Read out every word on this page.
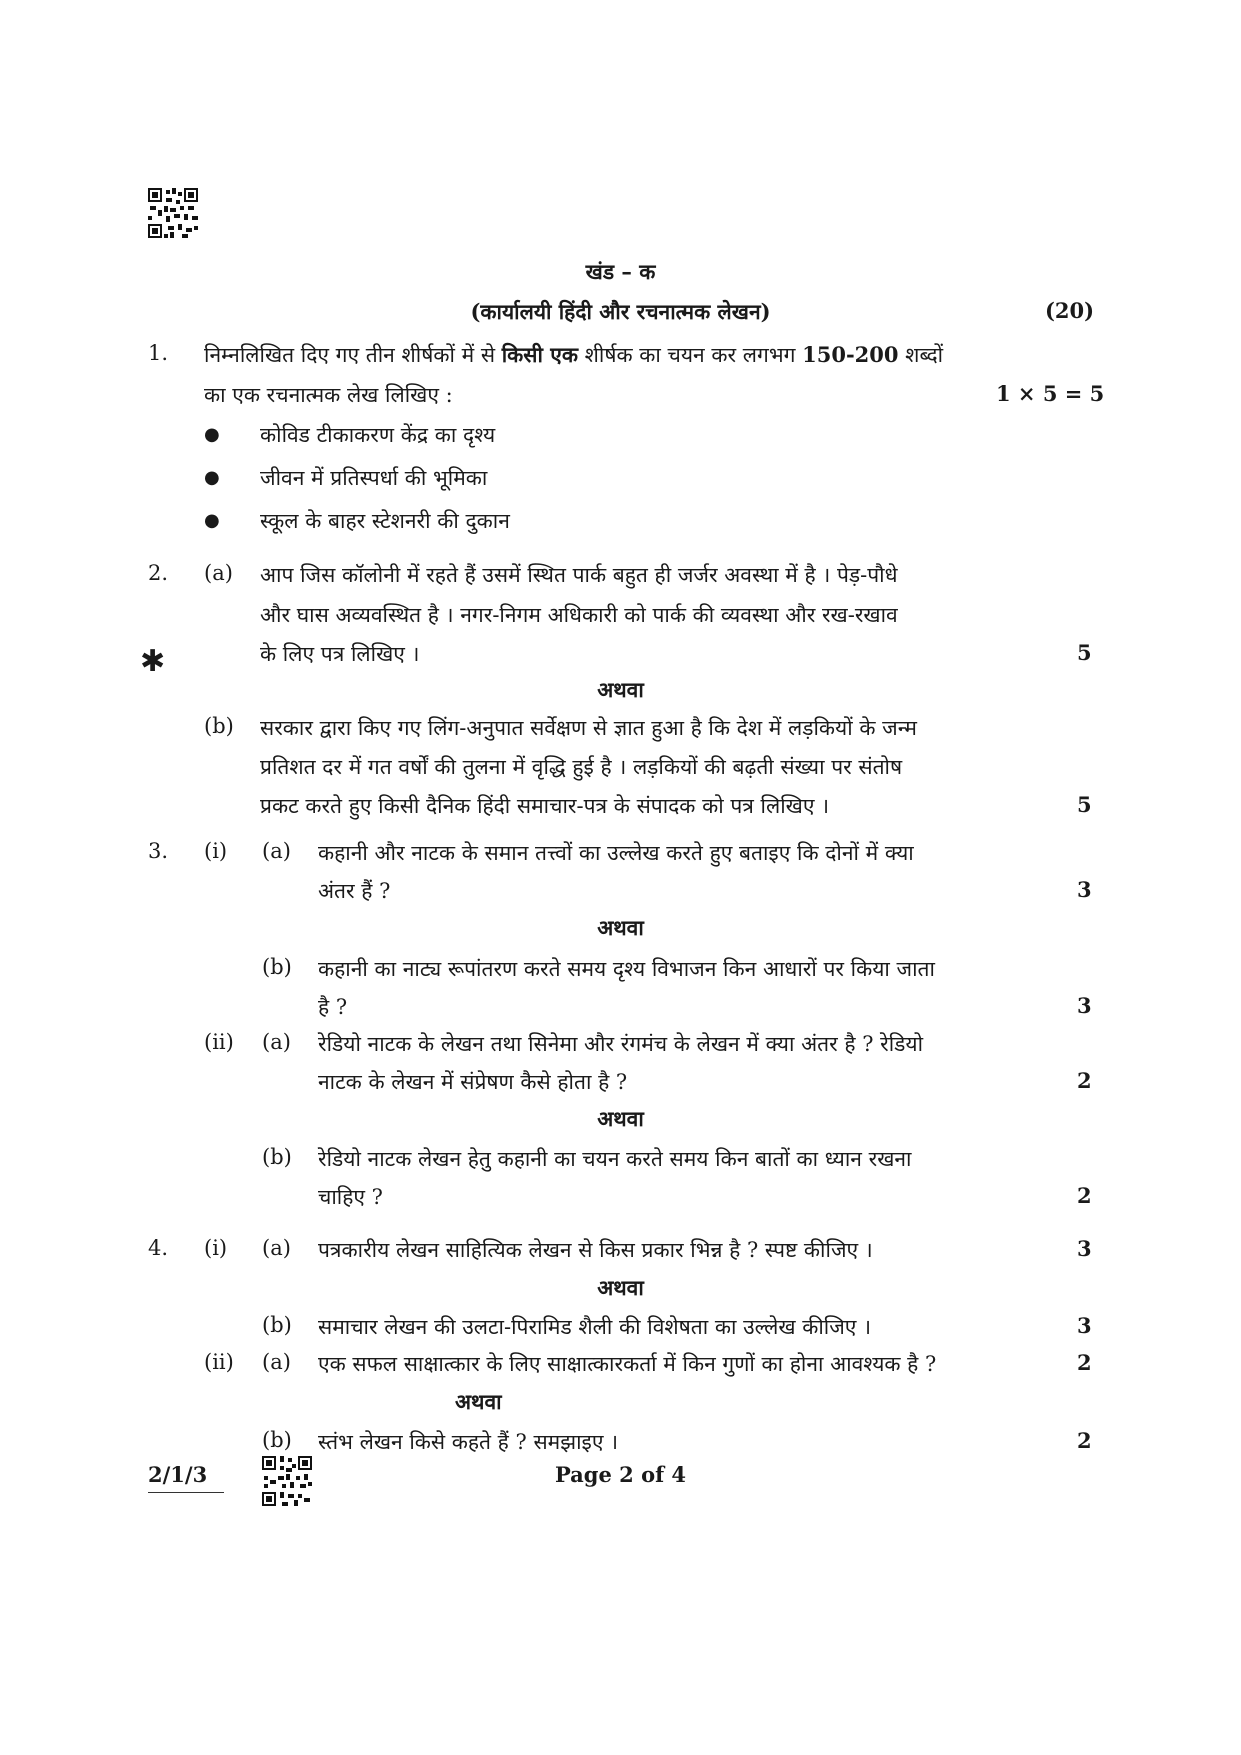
खंड – क
(कार्यालयी हिंदी और रचनात्मक लेखन)	(20)
1. निम्नलिखित दिए गए तीन शीर्षकों में से किसी एक शीर्षक का चयन कर लगभग 150-200 शब्दों
का एक रचनात्मक लेख लिखिए :	1 × 5 = 5
● कोविड टीकाकरण केंद्र का दृश्य
● जीवन में प्रतिस्पर्धा की भूमिका
● स्कूल के बाहर स्टेशनरी की दुकान
2. (a) आप जिस कॉलोनी में रहते हैं उसमें स्थित पार्क बहुत ही जर्जर अवस्था में है । पेड़-पौधे
और घास अव्यवस्थित है । नगर-निगम अधिकारी को पार्क की व्यवस्था और रख-रखाव
के लिए पत्र लिखिए ।	5
✱
अथवा
(b) सरकार द्वारा किए गए लिंग-अनुपात सर्वेक्षण से ज्ञात हुआ है कि देश में लड़कियों के जन्म
प्रतिशत दर में गत वर्षों की तुलना में वृद्धि हुई है । लड़कियों की बढ़ती संख्या पर संतोष
प्रकट करते हुए किसी दैनिक हिंदी समाचार-पत्र के संपादक को पत्र लिखिए ।	5
3. (i) (a) कहानी और नाटक के समान तत्त्वों का उल्लेख करते हुए बताइए कि दोनों में क्या
अंतर हैं ?	3
अथवा
(b) कहानी का नाट्य रूपांतरण करते समय दृश्य विभाजन किन आधारों पर किया जाता
है ?	3
(ii) (a) रेडियो नाटक के लेखन तथा सिनेमा और रंगमंच के लेखन में क्या अंतर है ? रेडियो
नाटक के लेखन में संप्रेषण कैसे होता है ?	2
अथवा
(b) रेडियो नाटक लेखन हेतु कहानी का चयन करते समय किन बातों का ध्यान रखना
चाहिए ?	2
4. (i) (a) पत्रकारीय लेखन साहित्यिक लेखन से किस प्रकार भिन्न है ? स्पष्ट कीजिए ।	3
अथवा
(b) समाचार लेखन की उलटा-पिरामिड शैली की विशेषता का उल्लेख कीजिए ।	3
(ii) (a) एक सफल साक्षात्कार के लिए साक्षात्कारकर्ता में किन गुणों का होना आवश्यक है ?	2
अथवा
(b) स्तंभ लेखन किसे कहते हैं ? समझाइए ।	2
2/1/3	Page 2 of 4
